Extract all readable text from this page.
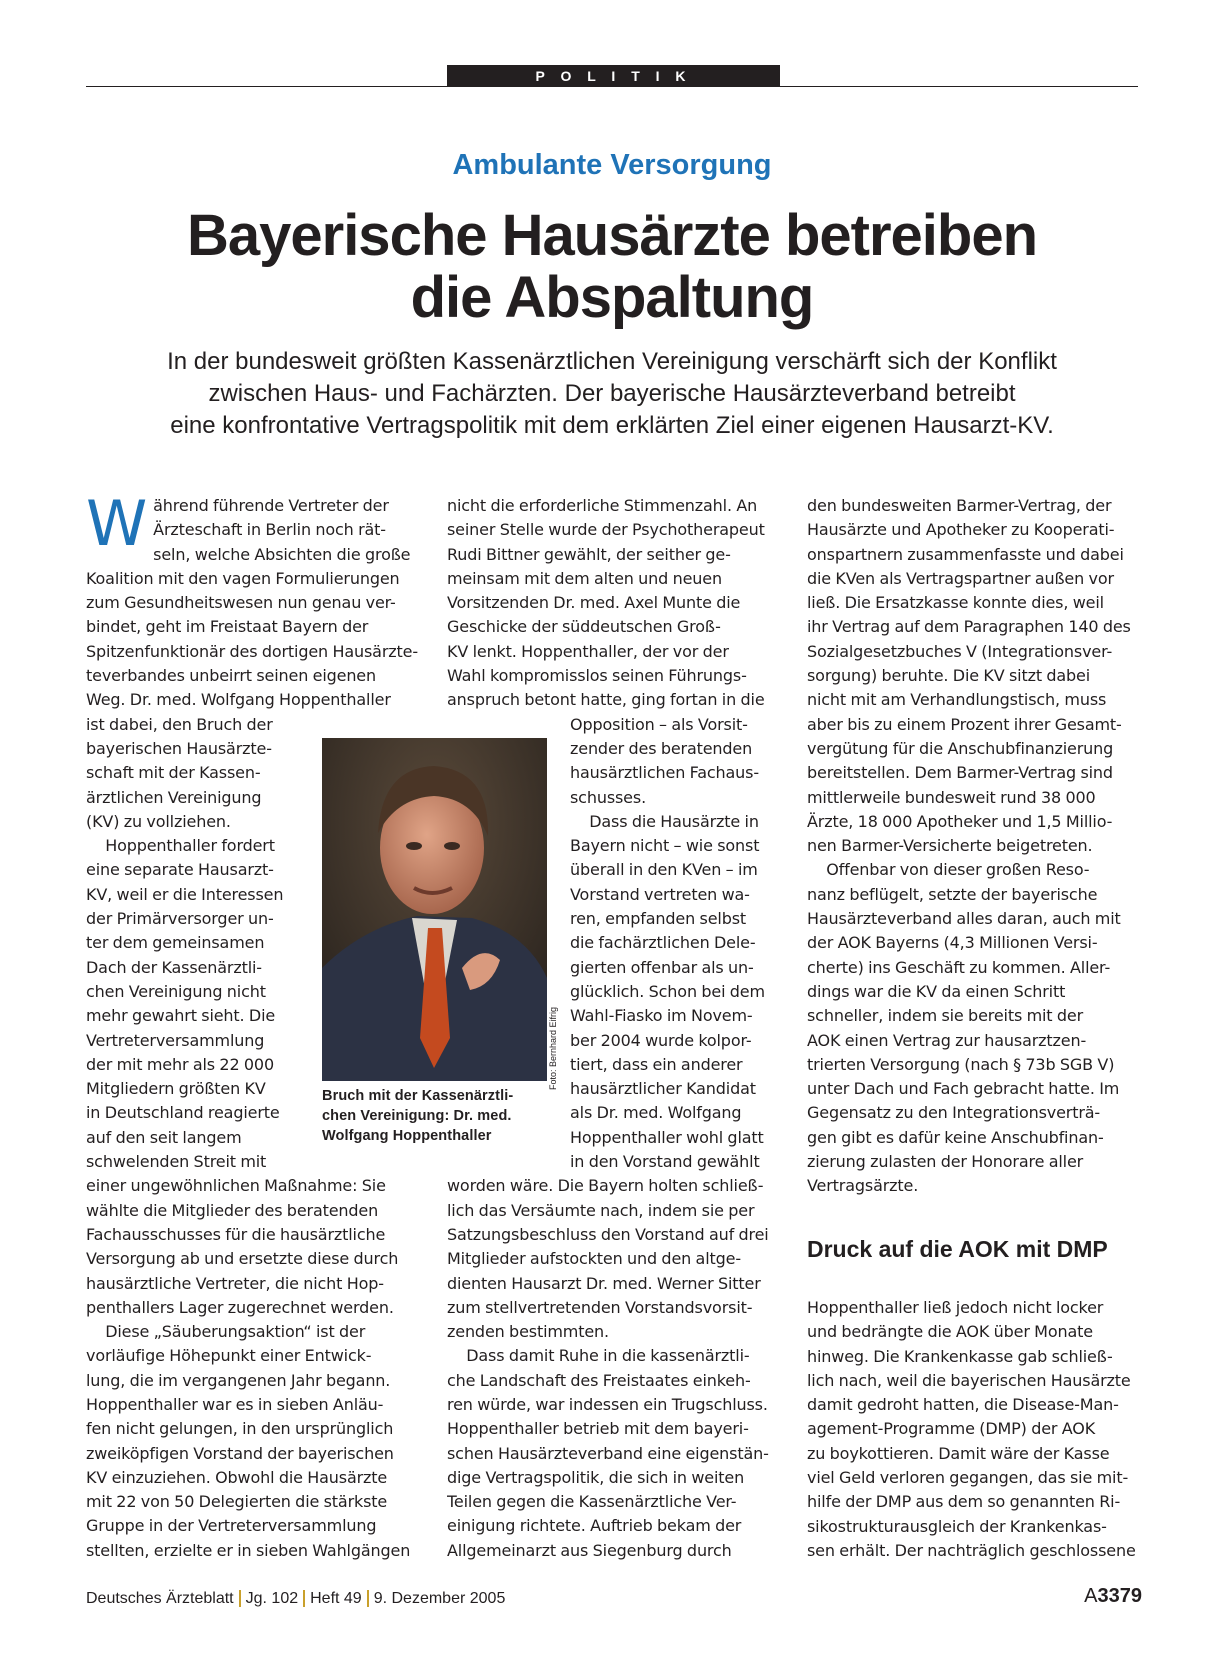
P O L I T I K
Ambulante Versorgung
Bayerische Hausärzte betreiben
die Abspaltung
In der bundesweit größten Kassenärztlichen Vereinigung verschärft sich der Konflikt
zwischen Haus- und Fachärzten. Der bayerische Hausärzteverband betreibt
eine konfrontative Vertragspolitik mit dem erklärten Ziel einer eigenen Hausarzt-KV.
W ährend führende Vertreter der
Ärzteschaft in Berlin noch rät-
seln, welche Absichten die große
Koalition mit den vagen Formulierungen
zum Gesundheitswesen nun genau ver-
bindet, geht im Freistaat Bayern der
Spitzenfunktionär des dortigen Hausärzte-
teverbandes unbeirrt seinen eigenen
Weg. Dr. med. Wolfgang Hoppenthaller
ist dabei, den Bruch der
bayerischen Hausärzte-
schaft mit der Kassen-
ärztlichen Vereinigung
(KV) zu vollziehen.
Hoppenthaller fordert
eine separate Hausarzt-
KV, weil er die Interessen
der Primärversorger un-
ter dem gemeinsamen
Dach der Kassenärztli-
chen Vereinigung nicht
mehr gewahrt sieht. Die
Vertreterversammlung
der mit mehr als 22 000
Mitgliedern größten KV
in Deutschland reagierte
auf den seit langem
schwelenden Streit mit
einer ungewöhnlichen Maßnahme: Sie
wählte die Mitglieder des beratenden
Fachausschusses für die hausärztliche
Versorgung ab und ersetzte diese durch
hausärztliche Vertreter, die nicht Hop-
penthallers Lager zugerechnet werden.
Diese „Säuberungsaktion“ ist der
vorläufige Höhepunkt einer Entwick-
lung, die im vergangenen Jahr begann.
Hoppenthaller war es in sieben Anläu-
fen nicht gelungen, in den ursprünglich
zweiköpfigen Vorstand der bayerischen
KV einzuziehen. Obwohl die Hausärzte
mit 22 von 50 Delegierten die stärkste
Gruppe in der Vertreterversammlung
stellten, erzielte er in sieben Wahlgängen
nicht die erforderliche Stimmenzahl. An
seiner Stelle wurde der Psychotherapeut
Rudi Bittner gewählt, der seither ge-
meinsam mit dem alten und neuen
Vorsitzenden Dr. med. Axel Munte die
Geschicke der süddeutschen Groß-
KV lenkt. Hoppenthaller, der vor der
Wahl kompromisslos seinen Führungs-
anspruch betont hatte, ging fortan in die
Opposition – als Vorsit-
zender des beratenden
hausärztlichen Fachaus-
schusses.
Dass die Hausärzte in
Bayern nicht – wie sonst
überall in den KVen – im
Vorstand vertreten wa-
ren, empfanden selbst
die fachärztlichen Dele-
gierten offenbar als un-
glücklich. Schon bei dem
Wahl-Fiasko im Novem-
ber 2004 wurde kolpor-
tiert, dass ein anderer
hausärztlicher Kandidat
als Dr. med. Wolfgang
Hoppenthaller wohl glatt
in den Vorstand gewählt
worden wäre. Die Bayern holten schließ-
lich das Versäumte nach, indem sie per
Satzungsbeschluss den Vorstand auf drei
Mitglieder aufstockten und den altge-
dienten Hausarzt Dr. med. Werner Sitter
zum stellvertretenden Vorstandsvorsit-
zenden bestimmten.
Dass damit Ruhe in die kassenärztli-
che Landschaft des Freistaates einkeh-
ren würde, war indessen ein Trugschluss.
Hoppenthaller betrieb mit dem bayeri-
schen Hausärzteverband eine eigenstän-
dige Vertragspolitik, die sich in weiten
Teilen gegen die Kassenärztliche Ver-
einigung richtete. Auftrieb bekam der
Allgemeinarzt aus Siegenburg durch
Foto: Bernhard Eifrig
Bruch mit der Kassenärztli-
chen Vereinigung: Dr. med.
Wolfgang Hoppenthaller
den bundesweiten Barmer-Vertrag, der
Hausärzte und Apotheker zu Kooperati-
onspartnern zusammenfasste und dabei
die KVen als Vertragspartner außen vor
ließ. Die Ersatzkasse konnte dies, weil
ihr Vertrag auf dem Paragraphen 140 des
Sozialgesetzbuches V (Integrationsver-
sorgung) beruhte. Die KV sitzt dabei
nicht mit am Verhandlungstisch, muss
aber bis zu einem Prozent ihrer Gesamt-
vergütung für die Anschubfinanzierung
bereitstellen. Dem Barmer-Vertrag sind
mittlerweile bundesweit rund 38 000
Ärzte, 18 000 Apotheker und 1,5 Millio-
nen Barmer-Versicherte beigetreten.
Offenbar von dieser großen Reso-
nanz beflügelt, setzte der bayerische
Hausärzteverband alles daran, auch mit
der AOK Bayerns (4,3 Millionen Versi-
cherte) ins Geschäft zu kommen. Aller-
dings war die KV da einen Schritt
schneller, indem sie bereits mit der
AOK einen Vertrag zur hausarztzen-
trierten Versorgung (nach § 73b SGB V)
unter Dach und Fach gebracht hatte. Im
Gegensatz zu den Integrationsverträ-
gen gibt es dafür keine Anschubfinan-
zierung zulasten der Honorare aller
Vertragsärzte.
Druck auf die AOK mit DMP
Hoppenthaller ließ jedoch nicht locker
und bedrängte die AOK über Monate
hinweg. Die Krankenkasse gab schließ-
lich nach, weil die bayerischen Hausärzte
damit gedroht hatten, die Disease-Man-
agement-Programme (DMP) der AOK
zu boykottieren. Damit wäre der Kasse
viel Geld verloren gegangen, das sie mit-
hilfe der DMP aus dem so genannten Ri-
sikostrukturausgleich der Krankenkas-
sen erhält. Der nachträglich geschlossene
Deutsches Ärzteblatt Jg. 102 Heft 49 9. Dezember 2005	A3379
